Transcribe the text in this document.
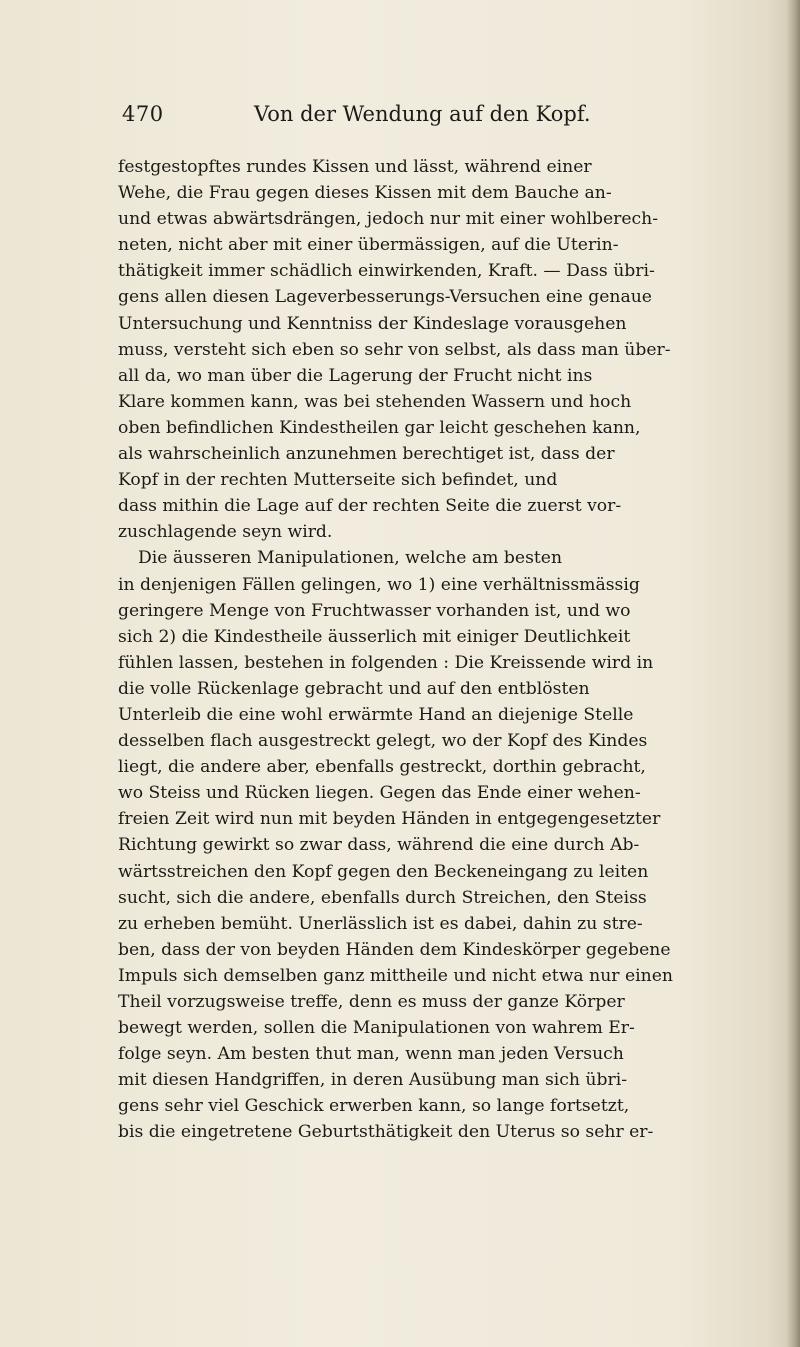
470	Von der Wendung auf den Kopf.
festgestopftes rundes Kissen und lässt, während einer
Wehe, die Frau gegen dieses Kissen mit dem Bauche an-
und etwas abwärtsdrängen, jedoch nur mit einer wohlberech-
neten, nicht aber mit einer übermässigen, auf die Uterin-
thätigkeit immer schädlich einwirkenden, Kraft. — Dass übri-
gens allen diesen Lageverbesserungs-Versuchen eine genaue
Untersuchung und Kenntniss der Kindeslage vorausgehen
muss, versteht sich eben so sehr von selbst, als dass man über-
all da, wo man über die Lagerung der Frucht nicht ins
Klare kommen kann, was bei stehenden Wassern und hoch
oben befindlichen Kindestheilen gar leicht geschehen kann,
als wahrscheinlich anzunehmen berechtiget ist, dass der
Kopf in der rechten Mutterseite sich befindet, und
dass mithin die Lage auf der rechten Seite die zuerst vor-
zuschlagende seyn wird.
Die äusseren Manipulationen, welche am besten
in denjenigen Fällen gelingen, wo 1) eine verhältnissmässig
geringere Menge von Fruchtwasser vorhanden ist, und wo
sich 2) die Kindestheile äusserlich mit einiger Deutlichkeit
fühlen lassen, bestehen in folgenden : Die Kreissende wird in
die volle Rückenlage gebracht und auf den entblösten
Unterleib die eine wohl erwärmte Hand an diejenige Stelle
desselben flach ausgestreckt gelegt, wo der Kopf des Kindes
liegt, die andere aber, ebenfalls gestreckt, dorthin gebracht,
wo Steiss und Rücken liegen. Gegen das Ende einer wehen-
freien Zeit wird nun mit beyden Händen in entgegengesetzter
Richtung gewirkt so zwar dass, während die eine durch Ab-
wärtsstreichen den Kopf gegen den Beckeneingang zu leiten
sucht, sich die andere, ebenfalls durch Streichen, den Steiss
zu erheben bemüht. Unerlässlich ist es dabei, dahin zu stre-
ben, dass der von beyden Händen dem Kindeskörper gegebene
Impuls sich demselben ganz mittheile und nicht etwa nur einen
Theil vorzugsweise treffe, denn es muss der ganze Körper
bewegt werden, sollen die Manipulationen von wahrem Er-
folge seyn. Am besten thut man, wenn man jeden Versuch
mit diesen Handgriffen, in deren Ausübung man sich übri-
gens sehr viel Geschick erwerben kann, so lange fortsetzt,
bis die eingetretene Geburtsthätigkeit den Uterus so sehr er-
